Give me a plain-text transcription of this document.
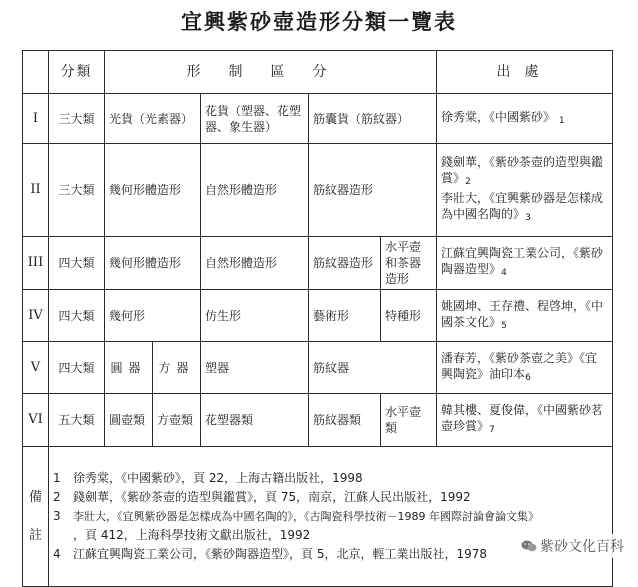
宜興紫砂壺造形分類一覽表
	分類	形制區分					出處
I	三大類	光貨（光素器）		花貨（塑器、花塑器、象生器）	筋囊貨（筋紋器）		徐秀棠，《中國紫砂》 $_1$
II	三大類	幾何形體造形		自然形體造形	筋紋器造形		錢劍華，《紫砂茶壺的造型與鑑賞》$_2$
李壯大，《宜興紫砂器是怎樣成為中國名陶的》$_3$
III	四大類	幾何形體造形		自然形體造形	筋紋器造形	水平壺和茶器造形	江蘇宜興陶瓷工業公司，《紫砂陶器造型》$_4$
IV	四大類	幾何形		仿生形	藝術形	特種形	姚國坤、王存禮、程啓坤，《中國茶文化》$_5$
V	四大類	圓器	方器	塑器	筋紋器		潘春芳，《紫砂茶壺之美》《宜興陶瓷》油印本$_6$
VI	五大類	圓壺類	方壺類	花塑器類	筋紋器類	水平壺類	韓其樓、夏俊偉，《中國紫砂茗壺珍賞》$_7$
備註	1 徐秀棠，《中國紫砂》，頁 22，上海古籍出版社，1998
2 錢劍華，《紫砂茶壺的造型與鑑賞》，頁 75，南京，江蘇人民出版社，1992
3 李壯大，《宜興紫砂器是怎樣成為中國名陶的》，《古陶瓷科學技術－1989 年國際討論會論文集》
，頁 412，上海科學技術文獻出版社，1992
4 江蘇宜興陶瓷工業公司，《紫砂陶器造型》，頁 5，北京，輕工業出版社，1978							紫砂文化百科
